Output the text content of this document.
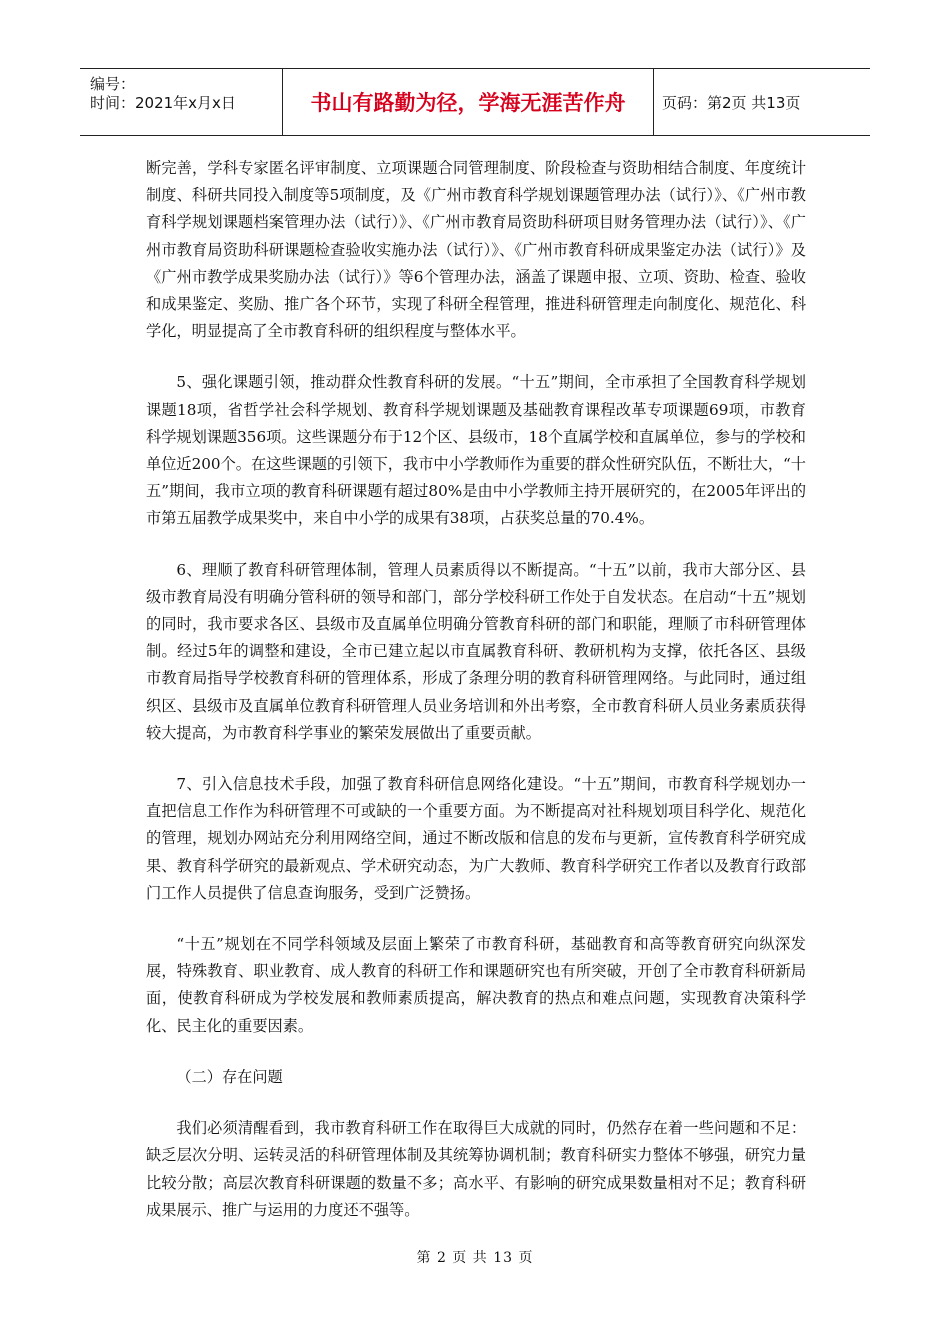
编号：
时间：2021年x月x日	书山有路勤为径，学海无涯苦作舟	页码：第2页 共13页

断完善，学科专家匿名评审制度、立项课题合同管理制度、阶段检查与资助相结合制度、年度统计制度、科研共同投入制度等5项制度，及《广州市教育科学规划课题管理办法（试行）》、《广州市教育科学规划课题档案管理办法（试行）》、《广州市教育局资助科研项目财务管理办法（试行）》、《广州市教育局资助科研课题检查验收实施办法（试行）》、《广州市教育科研成果鉴定办法（试行）》及《广州市教学成果奖励办法（试行）》等6个管理办法，涵盖了课题申报、立项、资助、检查、验收和成果鉴定、奖励、推广各个环节，实现了科研全程管理，推进科研管理走向制度化、规范化、科学化，明显提高了全市教育科研的组织程度与整体水平。

5、强化课题引领，推动群众性教育科研的发展。“十五”期间，全市承担了全国教育科学规划课题18项，省哲学社会科学规划、教育科学规划课题及基础教育课程改革专项课题69项，市教育科学规划课题356项。这些课题分布于12个区、县级市，18个直属学校和直属单位，参与的学校和单位近200个。在这些课题的引领下，我市中小学教师作为重要的群众性研究队伍，不断壮大，“十五”期间，我市立项的教育科研课题有超过80%是由中小学教师主持开展研究的，在2005年评出的市第五届教学成果奖中，来自中小学的成果有38项，占获奖总量的70.4%。

6、理顺了教育科研管理体制，管理人员素质得以不断提高。“十五”以前，我市大部分区、县级市教育局没有明确分管科研的领导和部门，部分学校科研工作处于自发状态。在启动“十五”规划的同时，我市要求各区、县级市及直属单位明确分管教育科研的部门和职能，理顺了市科研管理体制。经过5年的调整和建设，全市已建立起以市直属教育科研、教研机构为支撑，依托各区、县级市教育局指导学校教育科研的管理体系，形成了条理分明的教育科研管理网络。与此同时，通过组织区、县级市及直属单位教育科研管理人员业务培训和外出考察，全市教育科研人员业务素质获得较大提高，为市教育科学事业的繁荣发展做出了重要贡献。

7、引入信息技术手段，加强了教育科研信息网络化建设。“十五”期间，市教育科学规划办一直把信息工作作为科研管理不可或缺的一个重要方面。为不断提高对社科规划项目科学化、规范化的管理，规划办网站充分利用网络空间，通过不断改版和信息的发布与更新，宣传教育科学研究成果、教育科学研究的最新观点、学术研究动态，为广大教师、教育科学研究工作者以及教育行政部门工作人员提供了信息查询服务，受到广泛赞扬。

“十五”规划在不同学科领域及层面上繁荣了市教育科研，基础教育和高等教育研究向纵深发展，特殊教育、职业教育、成人教育的科研工作和课题研究也有所突破，开创了全市教育科研新局面，使教育科研成为学校发展和教师素质提高，解决教育的热点和难点问题，实现教育决策科学化、民主化的重要因素。

（二）存在问题

我们必须清醒看到，我市教育科研工作在取得巨大成就的同时，仍然存在着一些问题和不足：缺乏层次分明、运转灵活的科研管理体制及其统筹协调机制；教育科研实力整体不够强，研究力量比较分散；高层次教育科研课题的数量不多；高水平、有影响的研究成果数量相对不足；教育科研成果展示、推广与运用的力度还不强等。

第 2 页 共 13 页
